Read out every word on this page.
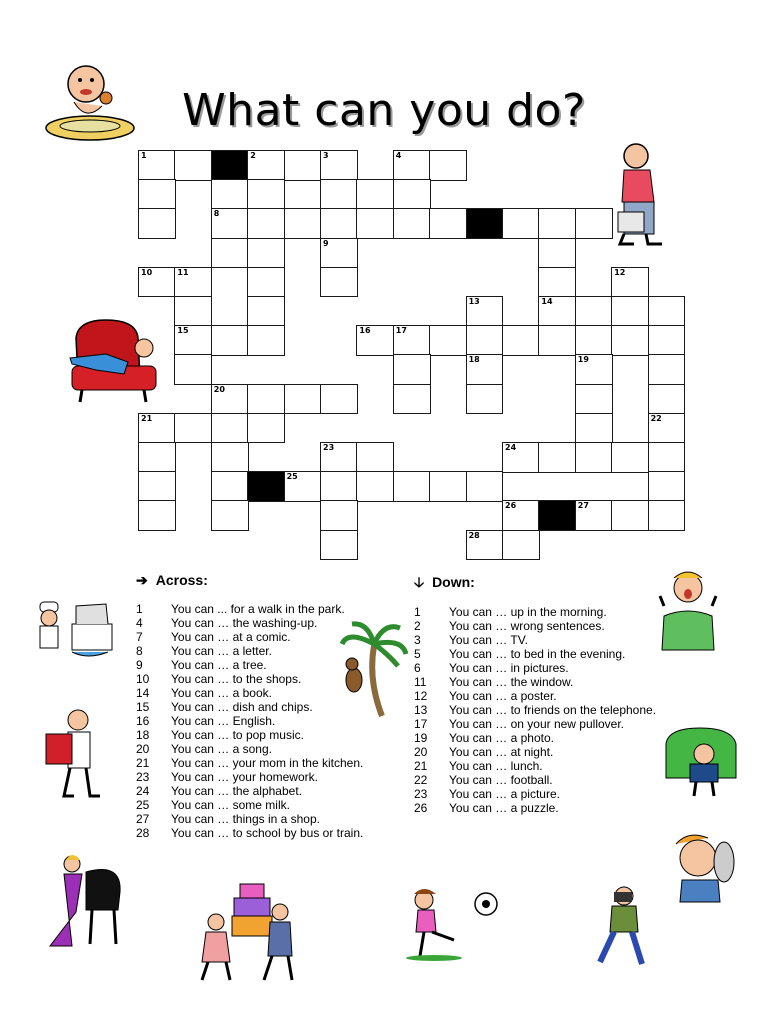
What can you do?
1	2	3	4
8
9
10	11	12
13	14
15	16	17
18	19
20
21	22
23	24
25
26	27
28
➔ Across:
1 You can ... for a walk in the park.
4 You can … the washing-up.
7 You can … at a comic.
8 You can … a letter.
9 You can … a tree.
10 You can … to the shops.
14 You can … a book.
15 You can … dish and chips.
16 You can … English.
18 You can … to pop music.
20 You can … a song.
21 You can … your mom in the kitchen.
23 You can … your homework.
24 You can … the alphabet.
25 You can … some milk.
27 You can … things in a shop.
28 You can … to school by bus or train.
🡣 Down:
1 You can … up in the morning.
2 You can … wrong sentences.
3 You can … TV.
5 You can … to bed in the evening.
6 You can … in pictures.
11 You can … the window.
12 You can … a poster.
13 You can … to friends on the telephone.
17 You can … on your new pullover.
19 You can … a photo.
20 You can … at night.
21 You can … lunch.
22 You can … football.
23 You can … a picture.
26 You can … a puzzle.
